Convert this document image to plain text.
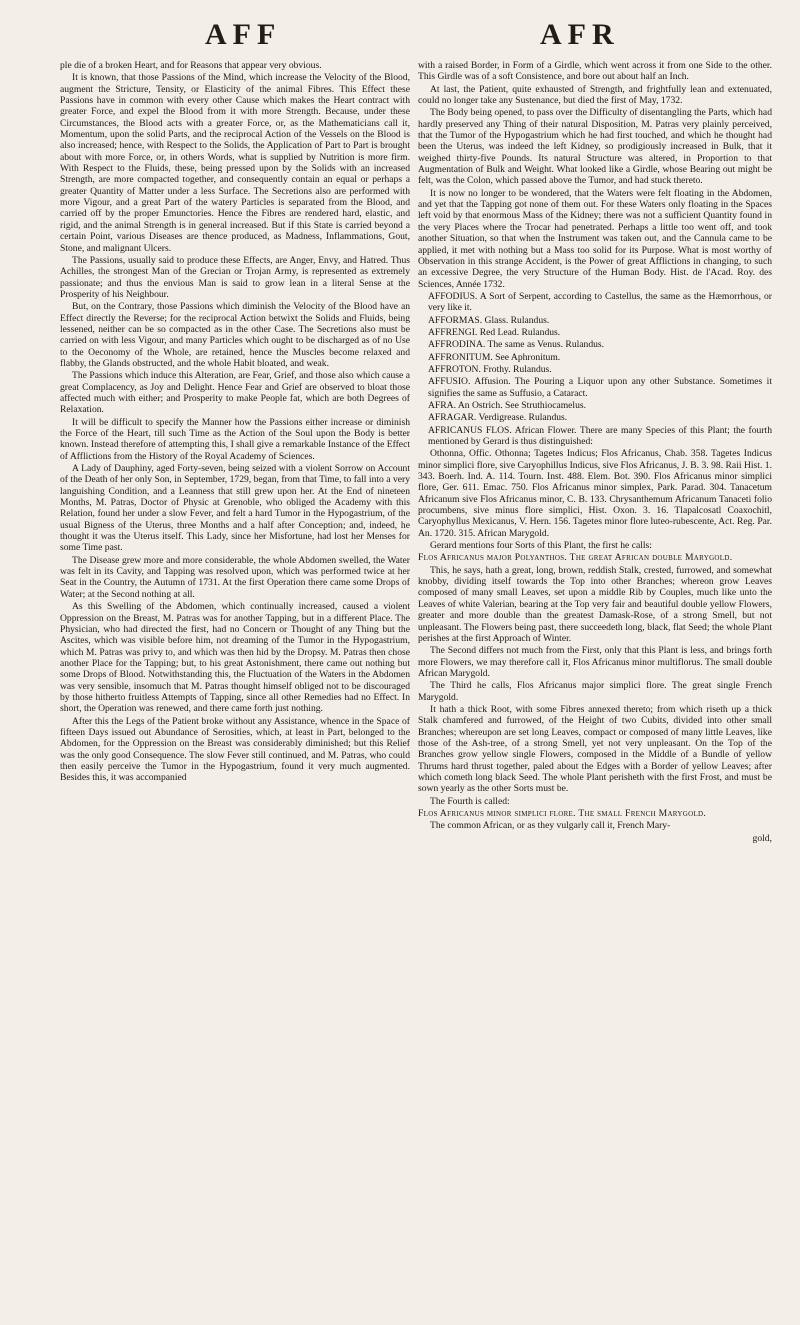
AFF	AFR

ple die of a broken Heart, and for Reasons that appear very obvious.

It is known, that those Passions of the Mind, which increase the Velocity of the Blood, augment the Stricture, Tensity, or Elasticity of the animal Fibres. This Effect these Passions have in common with every other Cause which makes the Heart contract with greater Force, and expel the Blood from it with more Strength. Because, under these Circumstances, the Blood acts with a greater Force, or, as the Mathematicians call it, Momentum, upon the solid Parts, and the reciprocal Action of the Vessels on the Blood is also increased; hence, with Respect to the Solids, the Application of Part to Part is brought about with more Force, or, in others Words, what is supplied by Nutrition is more firm. With Respect to the Fluids, these, being pressed upon by the Solids with an increased Strength, are more compacted together, and consequently contain an equal or perhaps a greater Quantity of Matter under a less Surface. The Secretions also are performed with more Vigour, and a great Part of the watery Particles is separated from the Blood, and carried off by the proper Emunctories. Hence the Fibres are rendered hard, elastic, and rigid, and the animal Strength is in general increased. But if this State is carried beyond a certain Point, various Diseases are thence produced, as Madness, Inflammations, Gout, Stone, and malignant Ulcers.

The Passions, usually said to produce these Effects, are Anger, Envy, and Hatred. Thus Achilles, the strongest Man of the Grecian or Trojan Army, is represented as extremely passionate; and thus the envious Man is said to grow lean in a literal Sense at the Prosperity of his Neighbour.

But, on the Contrary, those Passions which diminish the Velocity of the Blood have an Effect directly the Reverse; for the reciprocal Action betwixt the Solids and Fluids, being lessened, neither can be so compacted as in the other Case. The Secretions also must be carried on with less Vigour, and many Particles which ought to be discharged as of no Use to the Oeconomy of the Whole, are retained, hence the Muscles become relaxed and flabby, the Glands obstructed, and the whole Habit bloated, and weak.

The Passions which induce this Alteration, are Fear, Grief, and those also which cause a great Complacency, as Joy and Delight. Hence Fear and Grief are observed to bloat those affected much with either; and Prosperity to make People fat, which are both Degrees of Relaxation.

It will be difficult to specify the Manner how the Passions either increase or diminish the Force of the Heart, till such Time as the Action of the Soul upon the Body is better known. Instead therefore of attempting this, I shall give a remarkable Instance of the Effect of Afflictions from the History of the Royal Academy of Sciences.

A Lady of Dauphiny, aged Forty-seven, being seized with a violent Sorrow on Account of the Death of her only Son, in September, 1729, began, from that Time, to fall into a very languishing Condition, and a Leanness that still grew upon her. At the End of nineteen Months, M. Patras, Doctor of Physic at Grenoble, who obliged the Academy with this Relation, found her under a slow Fever, and felt a hard Tumor in the Hypogastrium, of the usual Bigness of the Uterus, three Months and a half after Conception; and, indeed, he thought it was the Uterus itself. This Lady, since her Misfortune, had lost her Menses for some Time past.

The Disease grew more and more considerable, the whole Abdomen swelled, the Water was felt in its Cavity, and Tapping was resolved upon, which was performed twice at her Seat in the Country, the Autumn of 1731. At the first Operation there came some Drops of Water; at the Second nothing at all.

As this Swelling of the Abdomen, which continually increased, caused a violent Oppression on the Breast, M. Patras was for another Tapping, but in a different Place. The Physician, who had directed the first, had no Concern or Thought of any Thing but the Ascites, which was visible before him, not dreaming of the Tumor in the Hypogastrium, which M. Patras was privy to, and which was then hid by the Dropsy. M. Patras then chose another Place for the Tapping; but, to his great Astonishment, there came out nothing but some Drops of Blood. Notwithstanding this, the Fluctuation of the Waters in the Abdomen was very sensible, insomuch that M. Patras thought himself obliged not to be discouraged by those hitherto fruitless Attempts of Tapping, since all other Remedies had no Effect. In short, the Operation was renewed, and there came forth just nothing.

After this the Legs of the Patient broke without any Assistance, whence in the Space of fifteen Days issued out Abundance of Serosities, which, at least in Part, belonged to the Abdomen, for the Oppression on the Breast was considerably diminished; but this Relief was the only good Consequence. The slow Fever still continued, and M. Patras, who could then easily perceive the Tumor in the Hypogastrium, found it very much augmented. Besides this, it was accompanied

with a raised Border, in Form of a Girdle, which went across it from one Side to the other. This Girdle was of a soft Consistence, and bore out about half an Inch.

At last, the Patient, quite exhausted of Strength, and frightfully lean and extenuated, could no longer take any Sustenance, but died the first of May, 1732.

The Body being opened, to pass over the Difficulty of disentangling the Parts, which had hardly preserved any Thing of their natural Disposition, M. Patras very plainly perceived, that the Tumor of the Hypogastrium which he had first touched, and which he thought had been the Uterus, was indeed the left Kidney, so prodigiously increased in Bulk, that it weighed thirty-five Pounds. Its natural Structure was altered, in Proportion to that Augmentation of Bulk and Weight. What looked like a Girdle, whose Bearing out might be felt, was the Colon, which passed above the Tumor, and had stuck thereto.

It is now no longer to be wondered, that the Waters were felt floating in the Abdomen, and yet that the Tapping got none of them out. For these Waters only floating in the Spaces left void by that enormous Mass of the Kidney; there was not a sufficient Quantity found in the very Places where the Trocar had penetrated. Perhaps a little too went off, and took another Situation, so that when the Instrument was taken out, and the Cannula came to be applied, it met with nothing but a Mass too solid for its Purpose. What is most worthy of Observation in this strange Accident, is the Power of great Afflictions in changing, to such an excessive Degree, the very Structure of the Human Body. Hist. de l'Acad. Roy. des Sciences, Année 1732.

AFFODIUS. A Sort of Serpent, according to Castellus, the same as the Hæmorrhous, or very like it.

AFFORMAS. Glass. Rulandus.

AFFRENGI. Red Lead. Rulandus.

AFFRODINA. The same as Venus. Rulandus.

AFFRONITUM. See Aphronitum.

AFFROTON. Frothy. Rulandus.

AFFUSIO. Affusion. The Pouring a Liquor upon any other Substance. Sometimes it signifies the same as Suffusio, a Cataract.

AFRA. An Ostrich. See Struthiocamelus.

AFRAGAR. Verdigrease. Rulandus.

AFRICANUS FLOS. African Flower. There are many Species of this Plant; the fourth mentioned by Gerard is thus distinguished:

Othonna, Offic. Othonna; Tagetes Indicus; Flos Africanus, Chab. 358. Tagetes Indicus minor simplici flore, sive Caryophillus Indicus, sive Flos Africanus, J. B. 3. 98. Raii Hist. 1. 343. Boerh. Ind. A. 114. Tourn. Inst. 488. Elem. Bot. 390. Flos Africanus minor simplici flore, Ger. 611. Emac. 750. Flos Africanus minor simplex, Park. Parad. 304. Tanacetum Africanum sive Flos Africanus minor, C. B. 133. Chrysanthemum Africanum Tanaceti folio procumbens, sive minus flore simplici, Hist. Oxon. 3. 16. Tlapalcosatl Coaxochitl, Caryophyllus Mexicanus, V. Hern. 156. Tagetes minor flore luteo-rubescente, Act. Reg. Par. An. 1720. 315. African Marygold.

Gerard mentions four Sorts of this Plant, the first he calls:

Flos Africanus major Polyanthos. The great African double Marygold.

This, he says, hath a great, long, brown, reddish Stalk, crested, furrowed, and somewhat knobby, dividing itself towards the Top into other Branches; whereon grow Leaves composed of many small Leaves, set upon a middle Rib by Couples, much like unto the Leaves of white Valerian, bearing at the Top very fair and beautiful double yellow Flowers, greater and more double than the greatest Damask-Rose, of a strong Smell, but not unpleasant. The Flowers being past, there succeedeth long, black, flat Seed; the whole Plant perishes at the first Approach of Winter.

The Second differs not much from the First, only that this Plant is less, and brings forth more Flowers, we may therefore call it, Flos Africanus minor multiflorus. The small double African Marygold.

The Third he calls, Flos Africanus major simplici flore. The great single French Marygold.

It hath a thick Root, with some Fibres annexed thereto; from which riseth up a thick Stalk chamfered and furrowed, of the Height of two Cubits, divided into other small Branches; whereupon are set long Leaves, compact or composed of many little Leaves, like those of the Ash-tree, of a strong Smell, yet not very unpleasant. On the Top of the Branches grow yellow single Flowers, composed in the Middle of a Bundle of yellow Thrums hard thrust together, paled about the Edges with a Border of yellow Leaves; after which cometh long black Seed. The whole Plant perisheth with the first Frost, and must be sown yearly as the other Sorts must be.

The Fourth is called:

Flos Africanus minor simplici flore. The small French Marygold.

The common African, or as they vulgarly call it, French Mary-

gold,
